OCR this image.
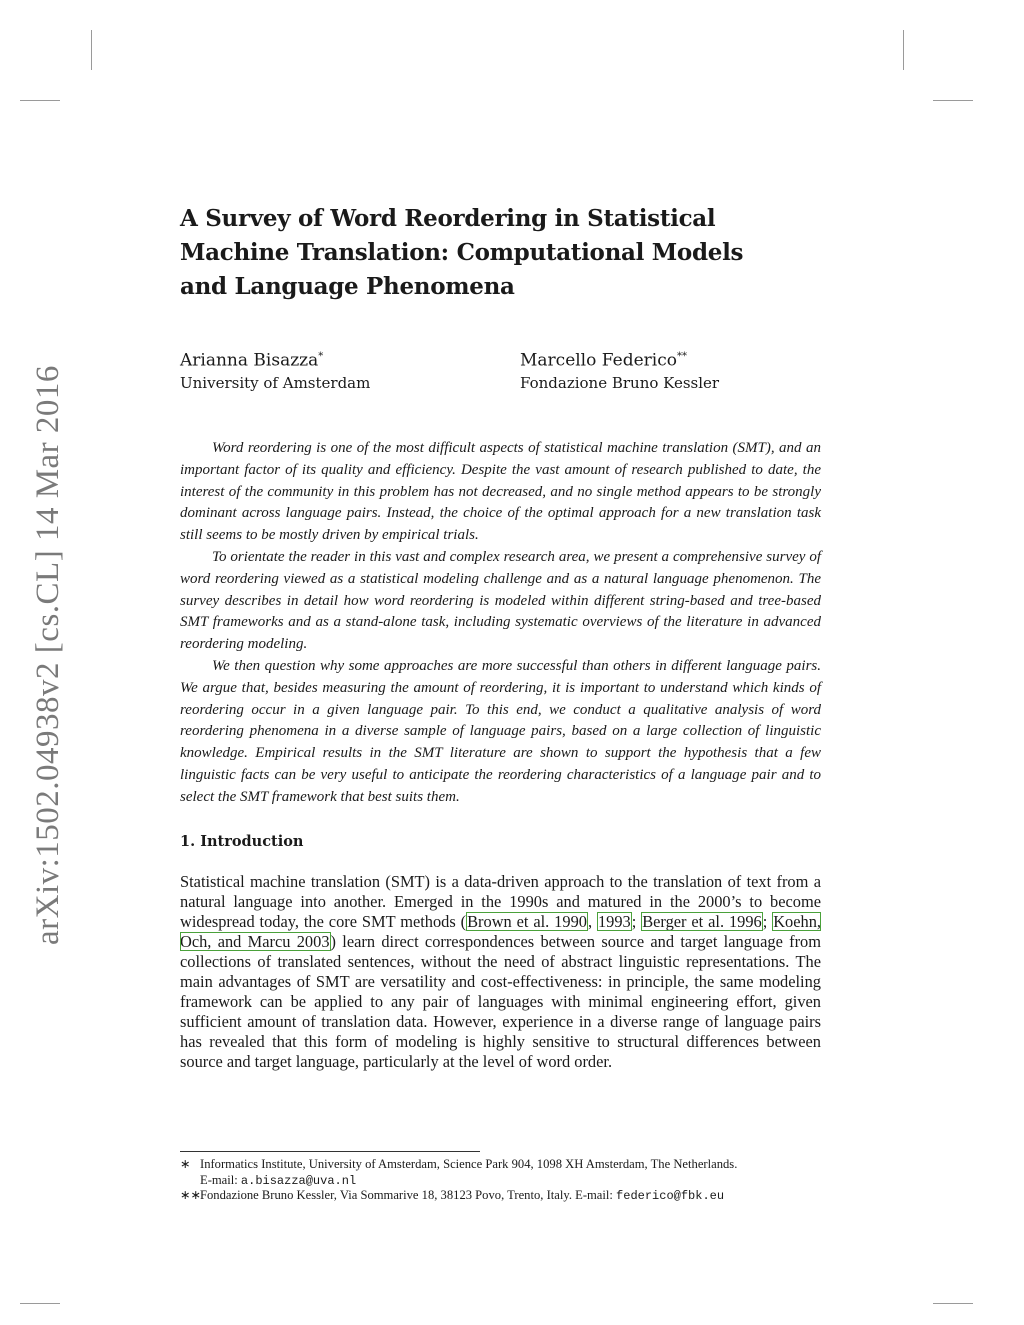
arXiv:1502.04938v2 [cs.CL] 14 Mar 2016
A Survey of Word Reordering in Statistical
Machine Translation: Computational Models
and Language Phenomena
Arianna Bisazza*
University of Amsterdam
Marcello Federico**
Fondazione Bruno Kessler

Word reordering is one of the most difficult aspects of statistical machine translation (SMT), and an important factor of its quality and efficiency. Despite the vast amount of research published to date, the interest of the community in this problem has not decreased, and no single method appears to be strongly dominant across language pairs. Instead, the choice of the optimal approach for a new translation task still seems to be mostly driven by empirical trials.

To orientate the reader in this vast and complex research area, we present a comprehensive survey of word reordering viewed as a statistical modeling challenge and as a natural language phenomenon. The survey describes in detail how word reordering is modeled within different string-based and tree-based SMT frameworks and as a stand-alone task, including systematic overviews of the literature in advanced reordering modeling.

We then question why some approaches are more successful than others in different language pairs. We argue that, besides measuring the amount of reordering, it is important to understand which kinds of reordering occur in a given language pair. To this end, we conduct a qualitative analysis of word reordering phenomena in a diverse sample of language pairs, based on a large collection of linguistic knowledge. Empirical results in the SMT literature are shown to support the hypothesis that a few linguistic facts can be very useful to anticipate the reordering characteristics of a language pair and to select the SMT framework that best suits them.

1. Introduction

Statistical machine translation (SMT) is a data-driven approach to the translation of text from a natural language into another. Emerged in the 1990s and matured in the 2000’s to become widespread today, the core SMT methods (Brown et al. 1990, 1993; Berger et al. 1996; Koehn, Och, and Marcu 2003) learn direct correspondences between source and target language from collections of translated sentences, without the need of abstract linguistic representations. The main advantages of SMT are versatility and cost-effectiveness: in principle, the same modeling framework can be applied to any pair of languages with minimal engineering effort, given sufficient amount of translation data. However, experience in a diverse range of language pairs has revealed that this form of modeling is highly sensitive to structural differences between source and target language, particularly at the level of word order.

∗ Informatics Institute, University of Amsterdam, Science Park 904, 1098 XH Amsterdam, The Netherlands.
E-mail: a.bisazza@uva.nl
∗∗Fondazione Bruno Kessler, Via Sommarive 18, 38123 Povo, Trento, Italy. E-mail: federico@fbk.eu
